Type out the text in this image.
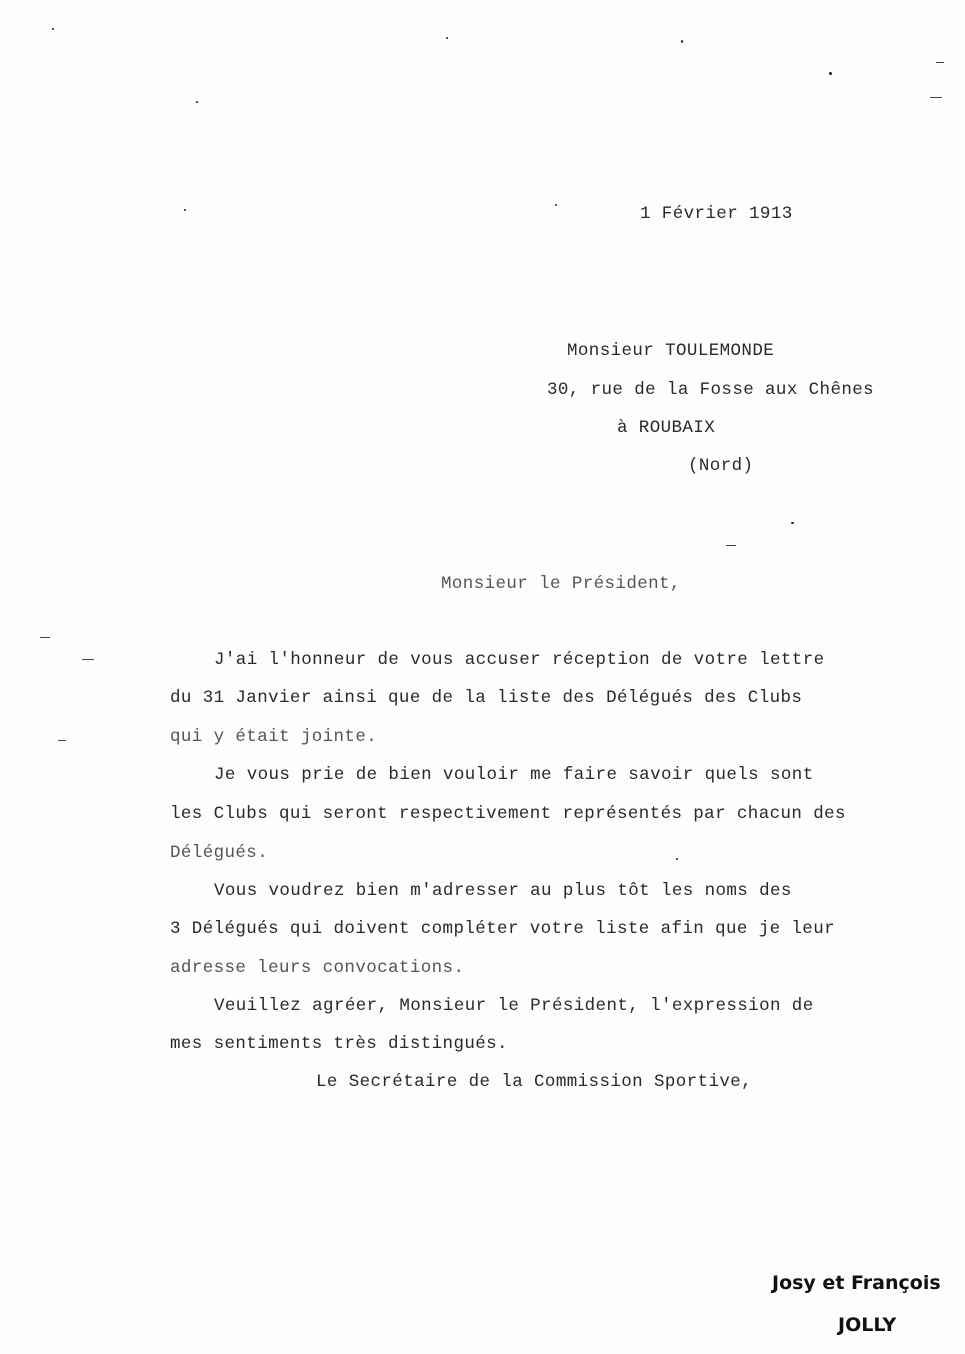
1 Février 1913
Monsieur TOULEMONDE
30, rue de la Fosse aux Chênes
à ROUBAIX
(Nord)
Monsieur le Président,
J'ai l'honneur de vous accuser réception de votre lettre
du 31 Janvier ainsi que de la liste des Délégués des Clubs
qui y était jointe.
Je vous prie de bien vouloir me faire savoir quels sont
les Clubs qui seront respectivement représentés par chacun des
Délégués.
Vous voudrez bien m'adresser au plus tôt les noms des
3 Délégués qui doivent compléter votre liste afin que je leur
adresse leurs convocations.
Veuillez agréer, Monsieur le Président, l'expression de
mes sentiments très distingués.
Le Secrétaire de la Commission Sportive,
Josy et François
JOLLY
